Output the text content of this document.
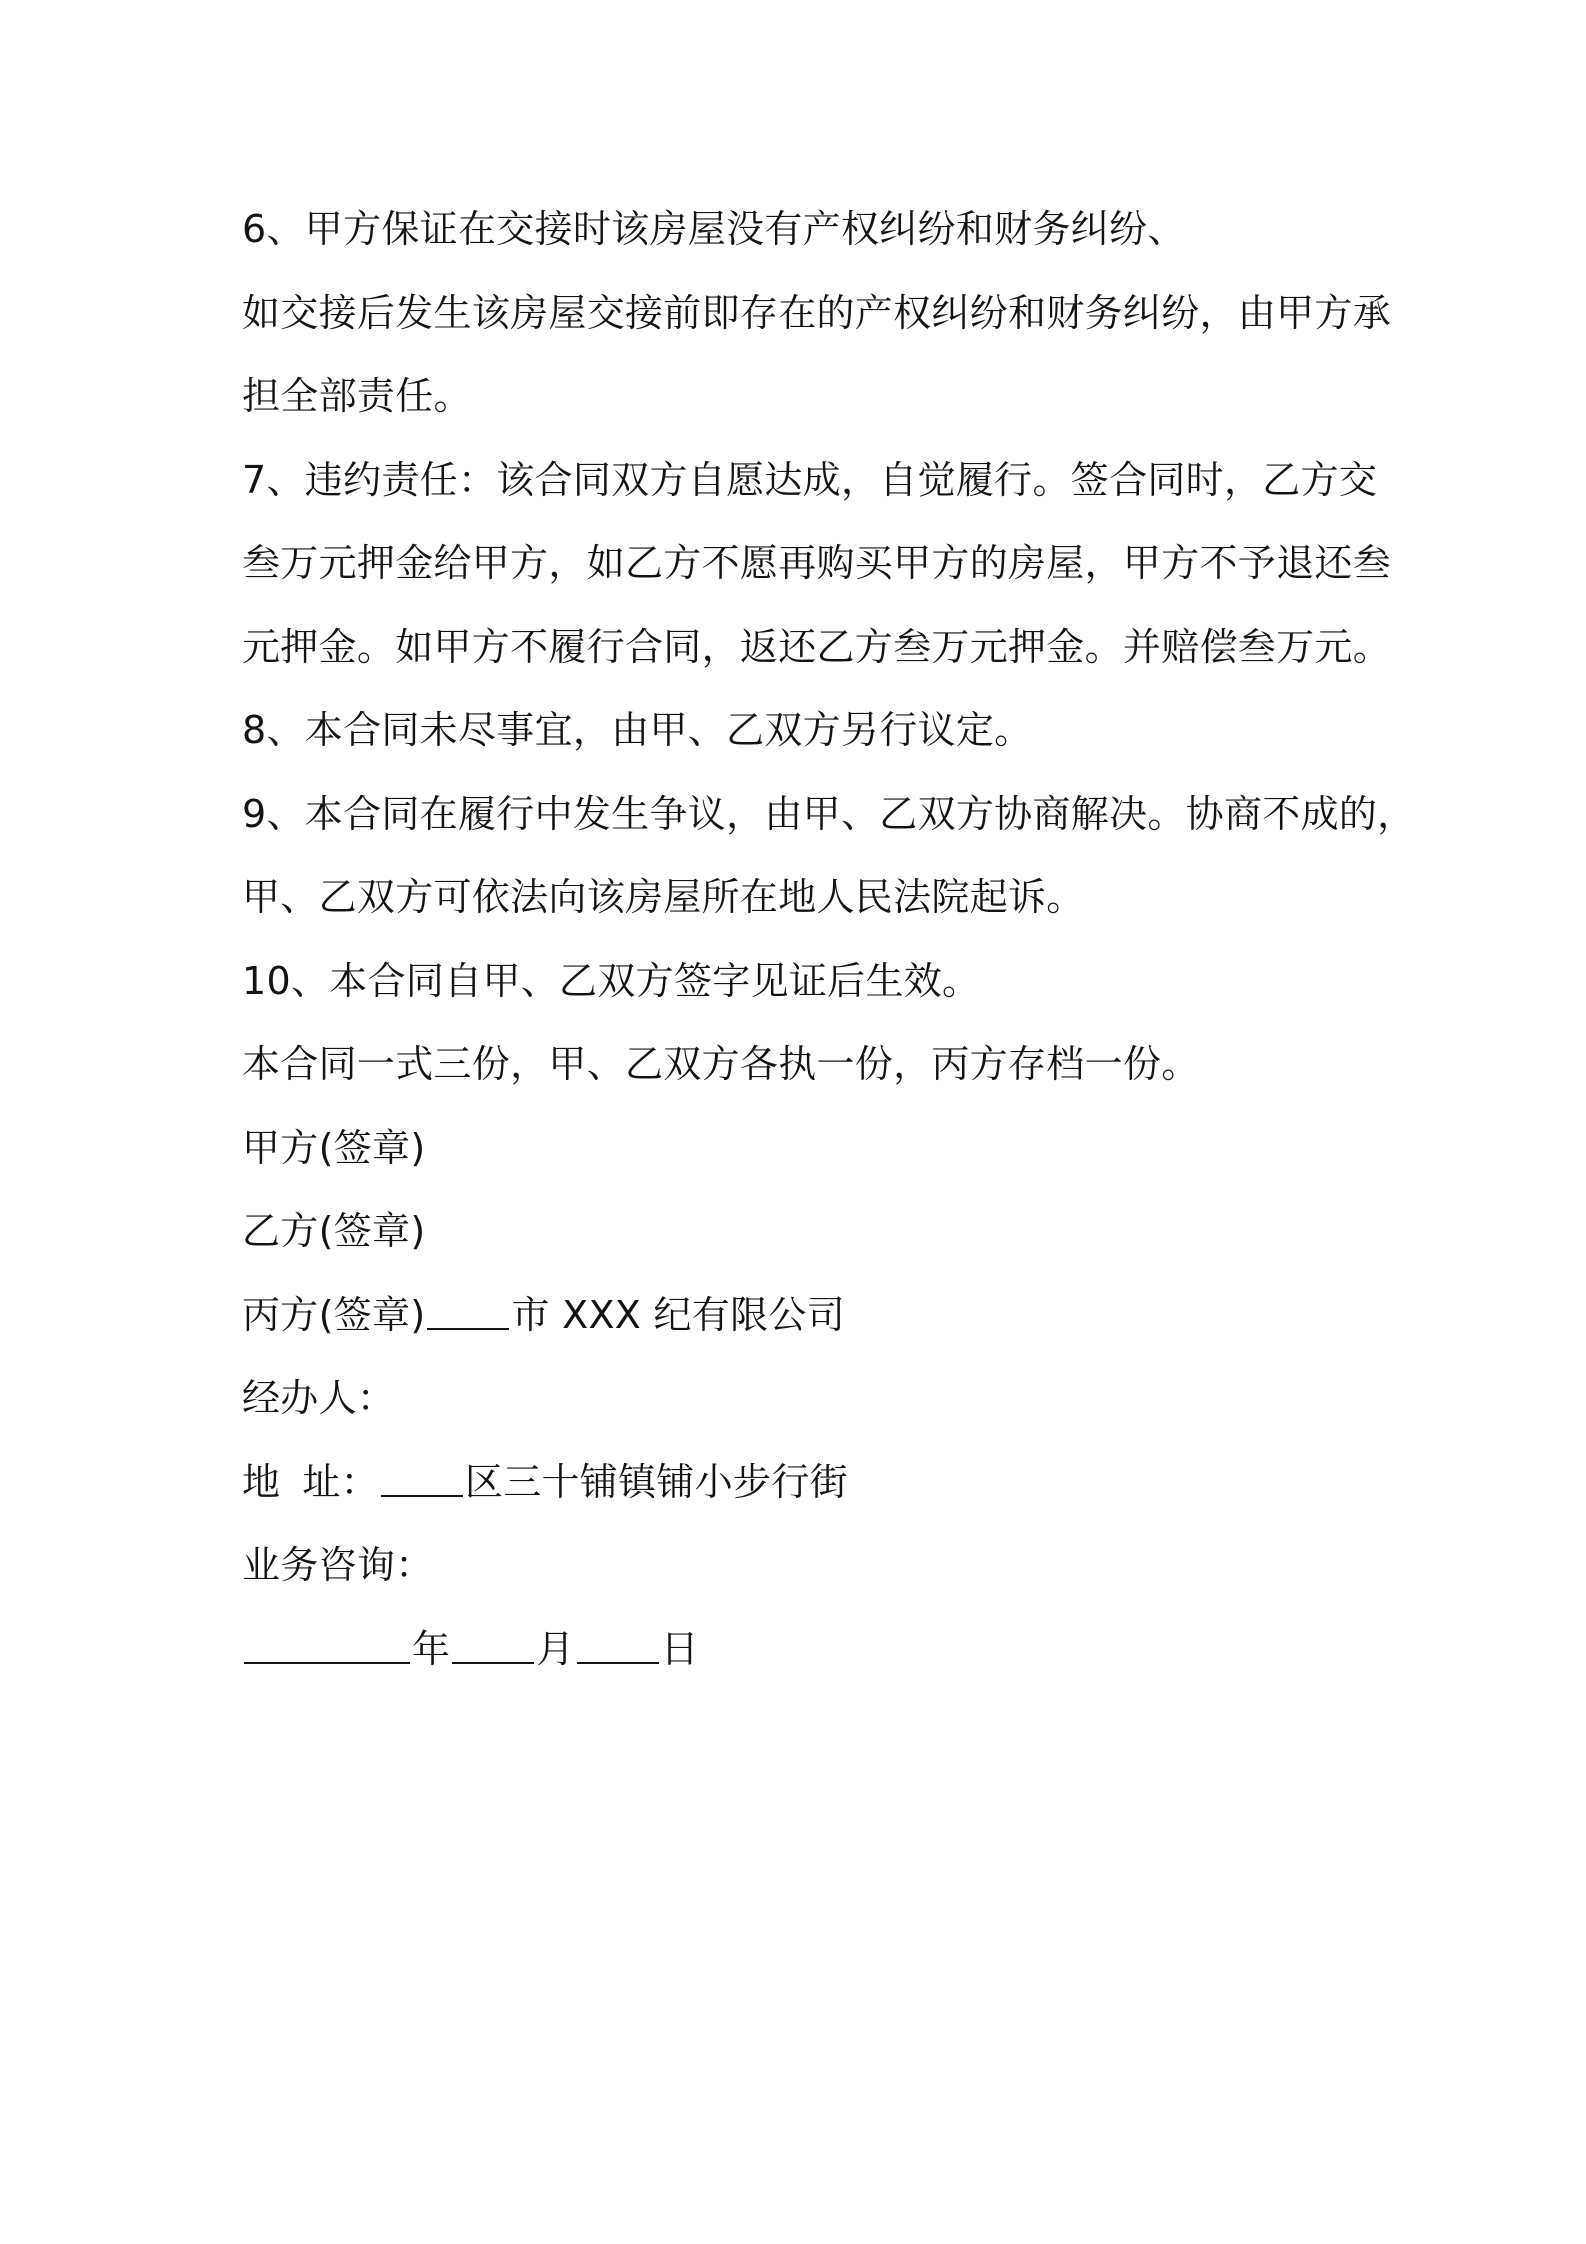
6、甲方保证在交接时该房屋没有产权纠纷和财务纠纷、
如交接后发生该房屋交接前即存在的产权纠纷和财务纠纷，由甲方承
担全部责任。
7、违约责任：该合同双方自愿达成，自觉履行。签合同时，乙方交
叁万元押金给甲方，如乙方不愿再购买甲方的房屋，甲方不予退还叁
元押金。如甲方不履行合同，返还乙方叁万元押金。并赔偿叁万元。
8、本合同未尽事宜，由甲、乙双方另行议定。
9、本合同在履行中发生争议，由甲、乙双方协商解决。协商不成的，
甲、乙双方可依法向该房屋所在地人民法院起诉。
10、本合同自甲、乙双方签字见证后生效。
本合同一式三份，甲、乙双方各执一份，丙方存档一份。
甲方(签章)
乙方(签章)
丙方(签章) 市 XXX 纪有限公司
经办人：
地 址： 区三十铺镇铺小步行街
业务咨询：
年 月 日
